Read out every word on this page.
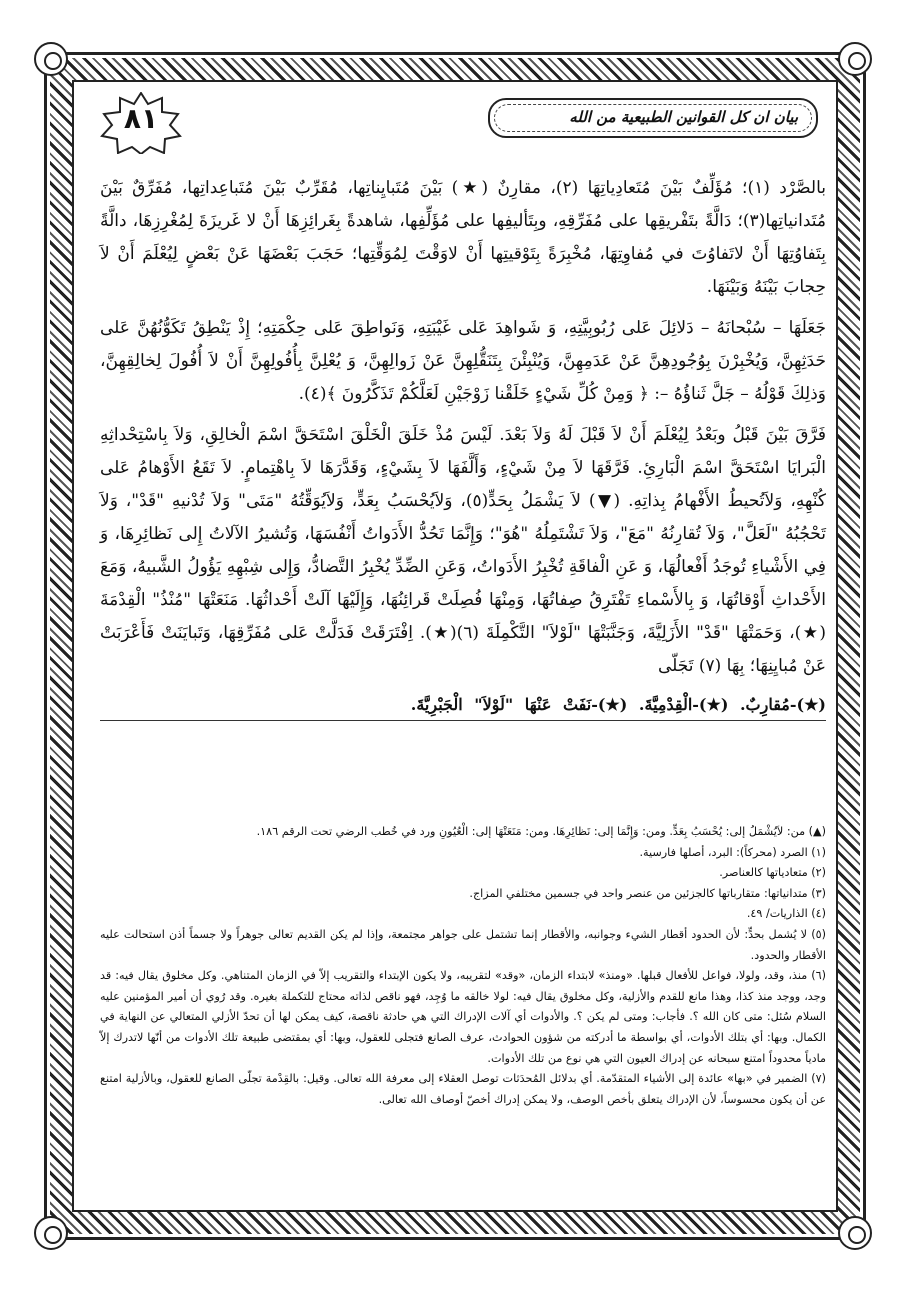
٨١	بيان ان كل القوانين الطبيعية من الله

بالصَّرْد (١)؛ مُؤَلِّفٌ بَيْنَ مُتَعادِياتِهَا (٢)، مقارِنٌ (★) بَيْنَ مُتَبايِناتِها، مُقَرِّبٌ بَيْنَ مُتَباعِداتِها، مُفَرِّقٌ بَيْنَ مُتَدانياتِها(٣)؛ دَالَّةً بتَفْريقِها على مُفَرِّقِهِ، وبِتَأليفِها على مُؤَلِّفِها، شاهدةً بِغَرائِزِهَا أَنْ لا غَريزَةَ لِمُغْرِزِهَا، دالَّةً بِتَفاوُتِهَا أَنْ لاتَفاوُتَ في مُفاوِتِهَا، مُخْبِرَةً بِتَوْقيتِها أَنْ لاوَقْتَ لِمُوَقِّتِها؛ حَجَبَ بَعْضَهَا عَنْ بَعْضٍ لِيُعْلَمَ أَنْ لاَ حِجابَ بَيْنَهُ وَبَيْنَهَا.

جَعَلَهَا – سُبْحانَهُ – دَلائِلَ عَلى رُبُوبِيَّتِهِ، وَ شَواهِدَ عَلى غَيْبَتِهِ، وَنَواطِقَ عَلى حِكْمَتِهِ؛ إِذْ يَنْطِقُ تَكَوُّنُهُنَّ عَلى حَدَثِهِنَّ، وَيُخْبِرْنَ بِوُجُودِهِنَّ عَنْ عَدَمِهِنَّ، وَيُنْبِئْنَ بِتَنَقُّلِهِنَّ عَنْ زَوالِهِنَّ، وَ يُعْلِنَّ بِأُفُولِهِنَّ أَنْ لاَ أُفُولَ لِخالِقِهِنَّ، وَذلِكَ قَوْلُهُ – جَلَّ ثَناؤُهُ –: ﴿ وَمِنْ كُلِّ شَيْءٍ خَلَقْنا زَوْجَيْنِ لَعَلَّكُمْ تَذَكَّرُونَ ﴾(٤).

فَرَّقَ بَيْنَ قَبْلُ وبَعْدُ لِيُعْلَمَ أَنْ لاَ قَبْلَ لَهُ وَلاَ بَعْدَ. لَيْسَ مُذْ خَلَقَ الْخَلْقَ اسْتَحَقَّ اسْمَ الْخالِقِ، وَلاَ بِاسْتِحْداثِهِ الْبَرايَا اسْتَحَقَّ اسْمَ الْبَارِئِ. فَرَّقَهَا لاَ مِنْ شَيْءٍ، وَأَلَّفَهَا لاَ بِشَيْءٍ، وَقَدَّرَهَا لاَ بِاهْتِمامٍ. لاَ تَقَعُ الأَوْهامُ عَلى كُنْهِهِ، وَلاَتُحيطُ الأَفْهامُ بِذاتِهِ. (▼) لاَ يَشْمَلُ بِحَدٍّ(٥)، وَلاَيُحْسَبُ بِعَدٍّ، وَلاَيُوَقِّتُهُ "مَتَى" وَلاَ تُدْنيهِ "قَدْ"، وَلاَ تَحْجُبُهُ "لَعَلَّ"، وَلاَ تُقارِنُهُ "مَعَ"، وَلاَ تَشْتَمِلُهُ "هُوَ"؛ وَإِنَّمَا تَحُدُّ الأَدَواتُ أَنْفُسَهَا، وَتُشيرُ الآلاتُ إِلى نَظائِرِهَا، وَ فِي الأَشْياءِ تُوجَدُ أَفْعالُهَا، وَ عَنِ الْفاقَةِ تُخْبِرُ الأَدَواتُ، وَعَنِ الضِّدِّ يُخْبِرُ التَّضادُّ، وَإِلى شِبْهِهِ يَؤُولُ الشَّبيهُ، وَمَعَ الأَحْداثِ أَوْقاتُهَا، وَ بِالأَسْماءِ تَفْتَرِقُ صِفاتُهَا، وَمِنْهَا فُصِلَتْ قَرائِنُهَا، وَإِلَيْهَا آلَتْ أَحْداثُهَا. مَنَعَتْهَا "مُنْذُ" الْقِدْمَةَ (★)، وَحَمَتْهَا "قَدْ" الأَزَلِيَّةَ، وَجَنَّبَتْهَا "لَوْلاَ" التَّكْمِلَةَ (٦)(★). اِفْتَرَقَتْ فَدَلَّتْ عَلى مُفَرِّقِهَا، وَتَبايَنَتْ فَأَعْرَبَتْ عَنْ مُبايِنِهَا؛ بِهَا (٧) تَجَلّى

(★)-مُقارِبٌ. (★)-الْقِدْمِيَّةَ. (★)-نَفَتْ عَنْهَا "لَوْلاَ" الْجَبْرِيَّةَ.

(▲) من: لاَيُشْمَلُ إلى: يُحْسَبُ بِعَدٍّ. ومن: وَإِنَّمَا إلى: نَظائِرِهَا. ومن: مَنَعَتْهَا إلى: الْعُيُونِ ورد في خُطب الرضي تحت الرقم ١٨٦.

(١) الصرد (محركاً): البرد، أصلها فارسية.

(٢) متعادياتها كالعناصر.

(٣) متدانياتها: متقارباتها كالجزئين من عنصر واحد في جسمين مختلفي المزاج.

(٤) الذاريات/ ٤٩.

(٥) لا يُشمل بحدٍّ: لأن الحدود أقطار الشيء وجوانبه، والأقطار إنما تشتمل على جواهر مجتمعة، وإذا لم يكن القديم تعالى جوهراً ولا جسماً أذن استحالت عليه الأقطار والحدود.

(٦) منذ، وقد، ولولا، فواعل للأفعال قبلها. «ومنذ» لابتداء الزمان، «وقد» لتقريبه، ولا يكون الإبتداء والتقريب إلاّ في الزمان المتناهي. وكل مخلوق يقال فيه: قد وجد، ووجد منذ كذا، وهذا مانع للقدم والأزلية، وكل مخلوق يقال فيه: لولا خالقه ما وُجِد، فهو ناقص لذاته محتاج للتكملة بغيره. وقد رُوي أن أمير المؤمنين عليه السلام سُئل: متى كان الله ؟. فأجاب: ومتى لم يكن ؟. والأدوات أي آلات الإدراك التي هي حادثة ناقصة، كيف يمكن لها أن تحدّ الأزلي المتعالي عن النهاية في الكمال. وبها: أي بتلك الأدوات، أي بواسطة ما أدركته من شؤون الحوادث، عرف الصانع فتجلى للعقول، وبها: أي بمقتضى طبيعة تلك الأدوات من أنّها لاتدرك إلاّ مادياً محدوداً امتنع سبحانه عن إدراك العيون التي هي نوع من تلك الأدوات.

(٧) الضمير في «بها» عائدة إلى الأشياء المتقدّمة. أي بدلائل المُحدَثات توصل العقلاء إلى معرفة الله تعالى. وقيل: بالقِدْمة تجلّى الصانع للعقول، وبالأزلية امتنع عن أن يكون محسوساً، لأن الإدراك يتعلق بأخص الوصف، ولا يمكن إدراك أخصّ أوصاف الله تعالى.
